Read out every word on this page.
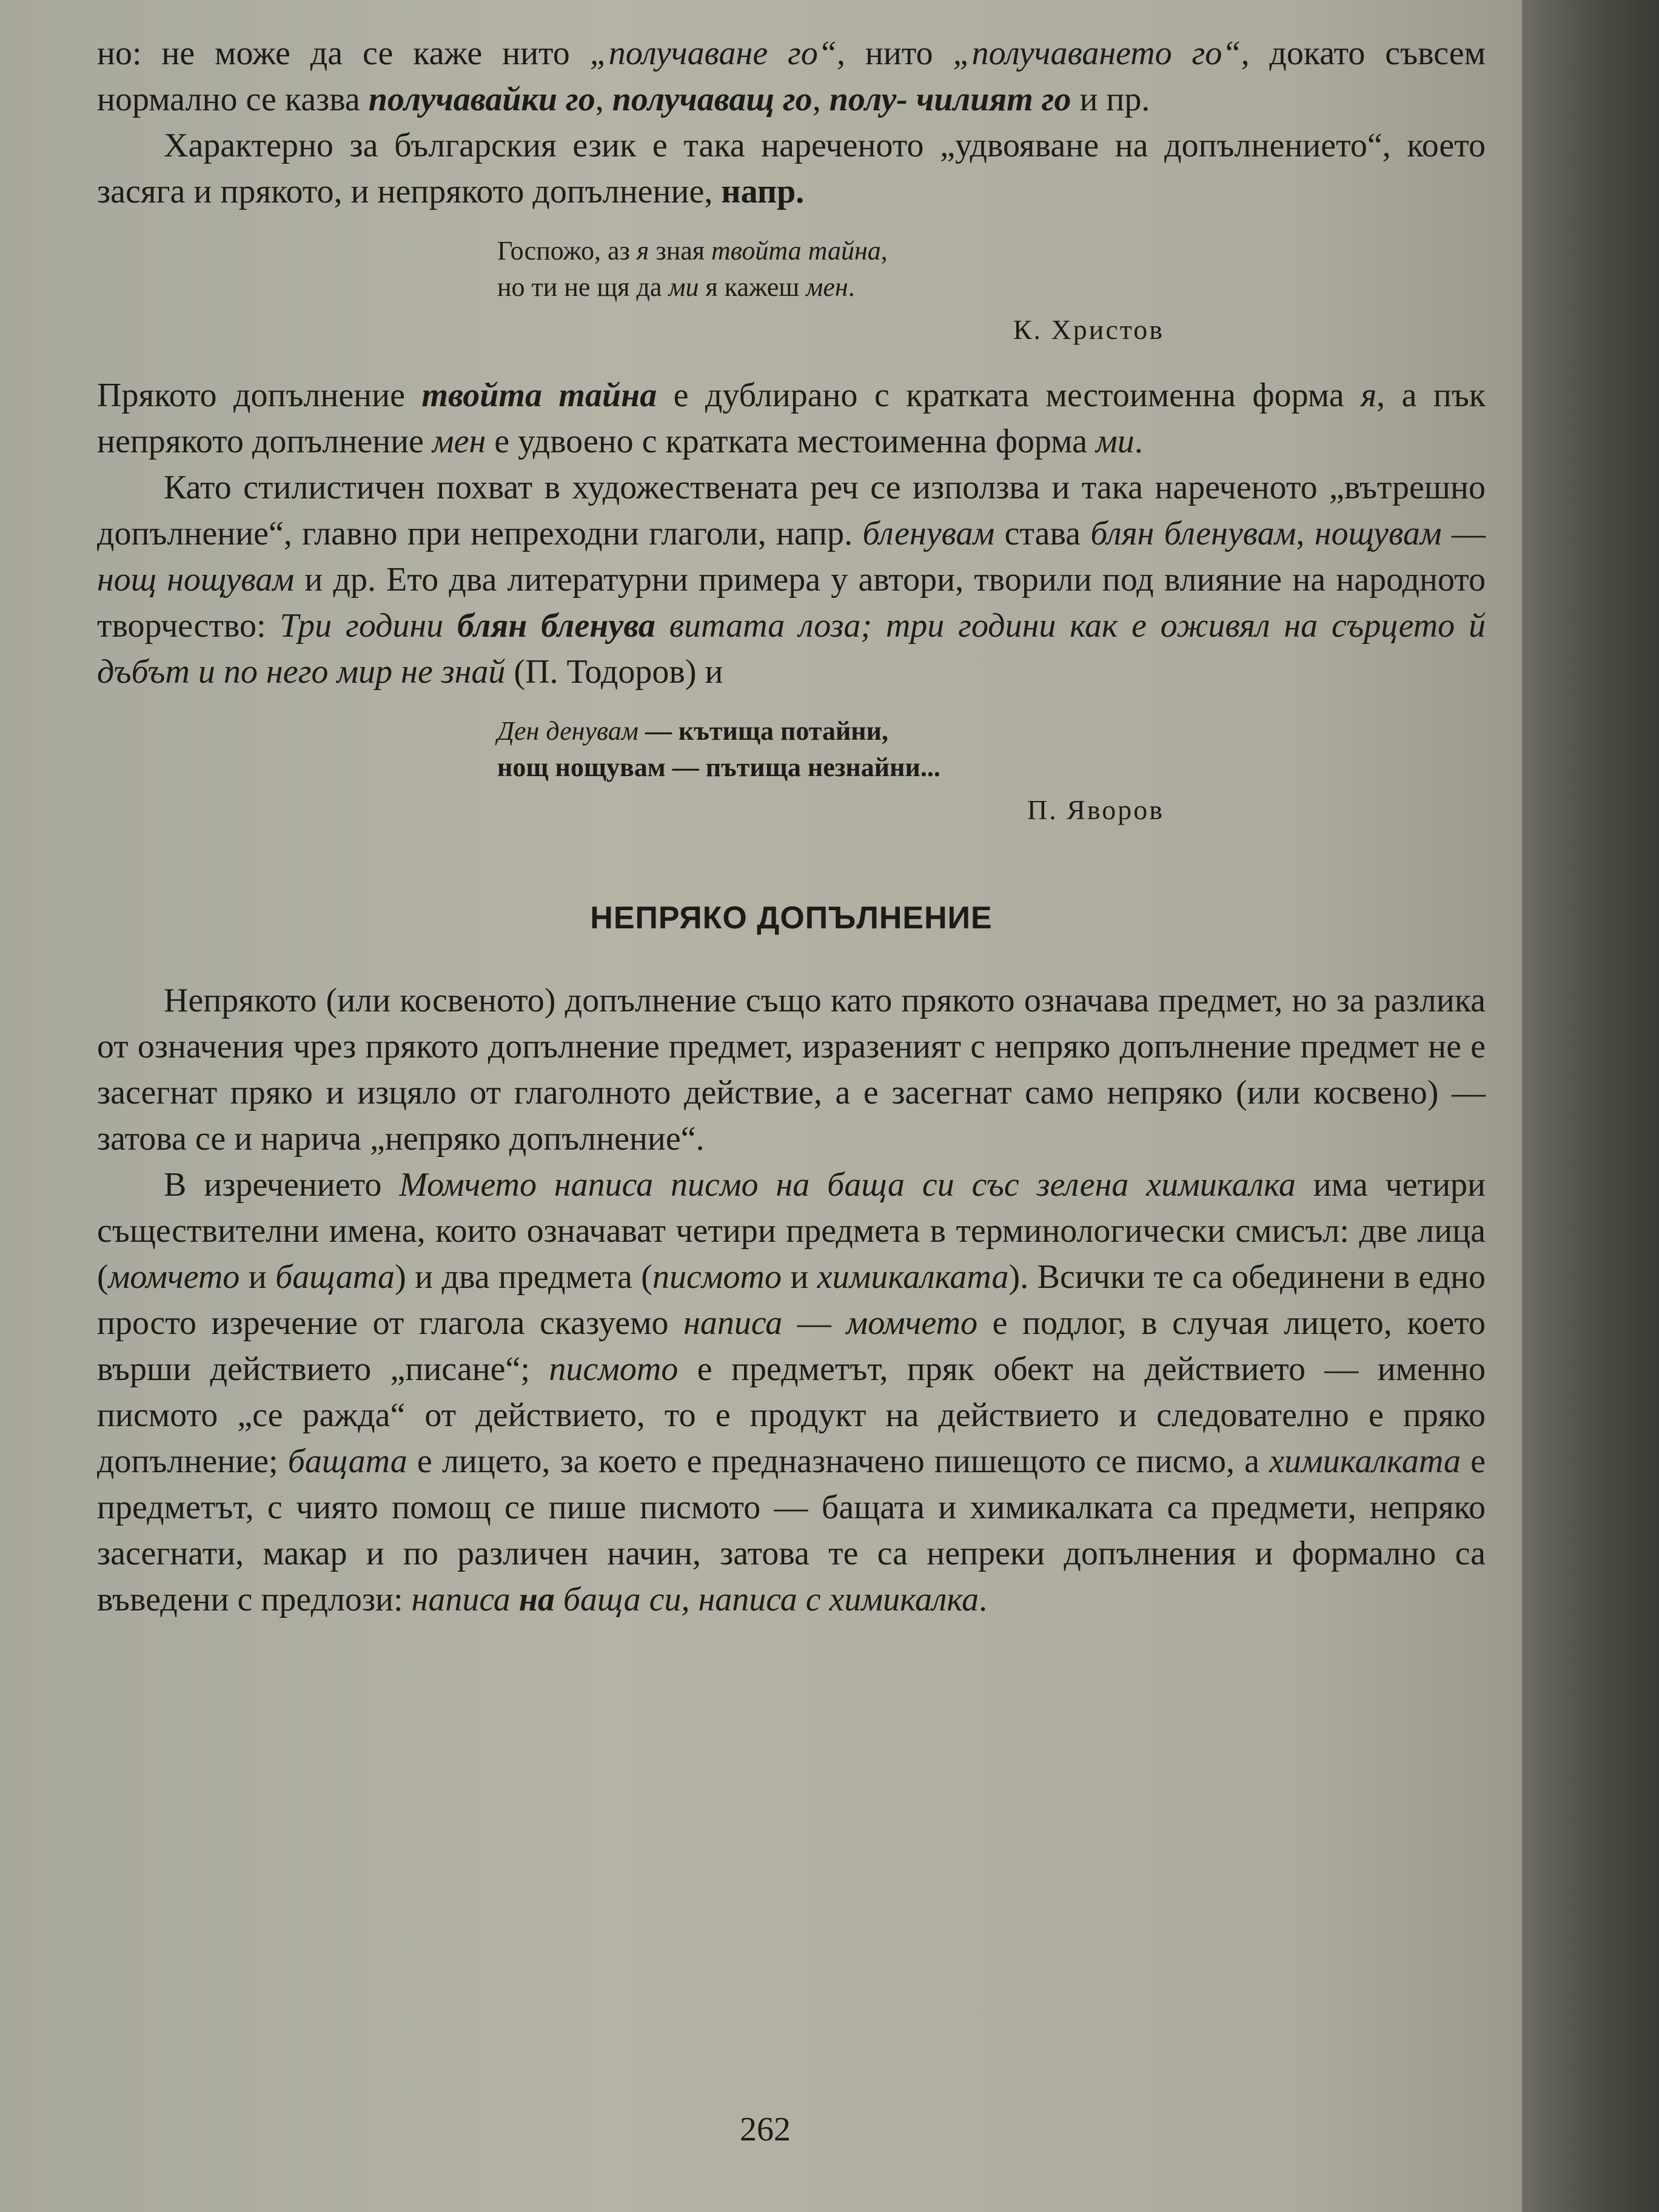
но: не може да се каже нито „получаване го“, нито „получаването го“, докато съвсем нормално се казва получавайки го, получаващ го, полу- чилият го и пр.

Характерно за българския език е така нареченото „удвояване на допълнението“, което засяга и прякото, и непрякото допълнение, напр.

Госпожо, аз я зная твойта тайна,
но ти не щя да ми я кажеш мен.
К. Христов

Прякото допълнение твойта тайна е дублирано с кратката местоименна форма я, а пък непрякото допълнение мен е удвоено с кратката местоименна форма ми.

Като стилистичен похват в художествената реч се използва и така нареченото „вътрешно допълнение“, главно при непреходни глаголи, напр. бленувам става блян бленувам, нощувам — нощ нощувам и др. Ето два литературни примера у автори, творили под влияние на народното творчество: Три години блян бленува витата лоза; три години как е оживял на сърцето й дъбът и по него мир не знай (П. Тодоров) и

Ден денувам — кътища потайни,
нощ нощувам — пътища незнайни...
П. Яворов
НЕПРЯКО ДОПЪЛНЕНИЕ

Непрякото (или косвеното) допълнение също като прякото означава предмет, но за разлика от означения чрез прякото допълнение предмет, изразеният с непряко допълнение предмет не е засегнат пряко и изцяло от глаголното действие, а е засегнат само непряко (или косвено) — затова се и нарича „непряко допълнение“.

В изречението Момчето написа писмо на баща си със зелена химикалка има четири съществителни имена, които означават четири предмета в терминологически смисъл: две лица (момчето и бащата) и два предмета (писмото и химикалката). Всички те са обединени в едно просто изречение от глагола сказуемо написа — момчето е подлог, в случая лицето, което върши действието „писане“; писмото е предметът, пряк обект на действието — именно писмото „се ражда“ от действието, то е продукт на действието и следователно е пряко допълнение; бащата е лицето, за което е предназначено пишещото се писмо, а химикалката е предметът, с чиято помощ се пише писмото — бащата и химикалката са предмети, непряко засегнати, макар и по различен начин, затова те са непреки допълнения и формално са въведени с предлози: написа на баща си, написа с химикалка.

262
